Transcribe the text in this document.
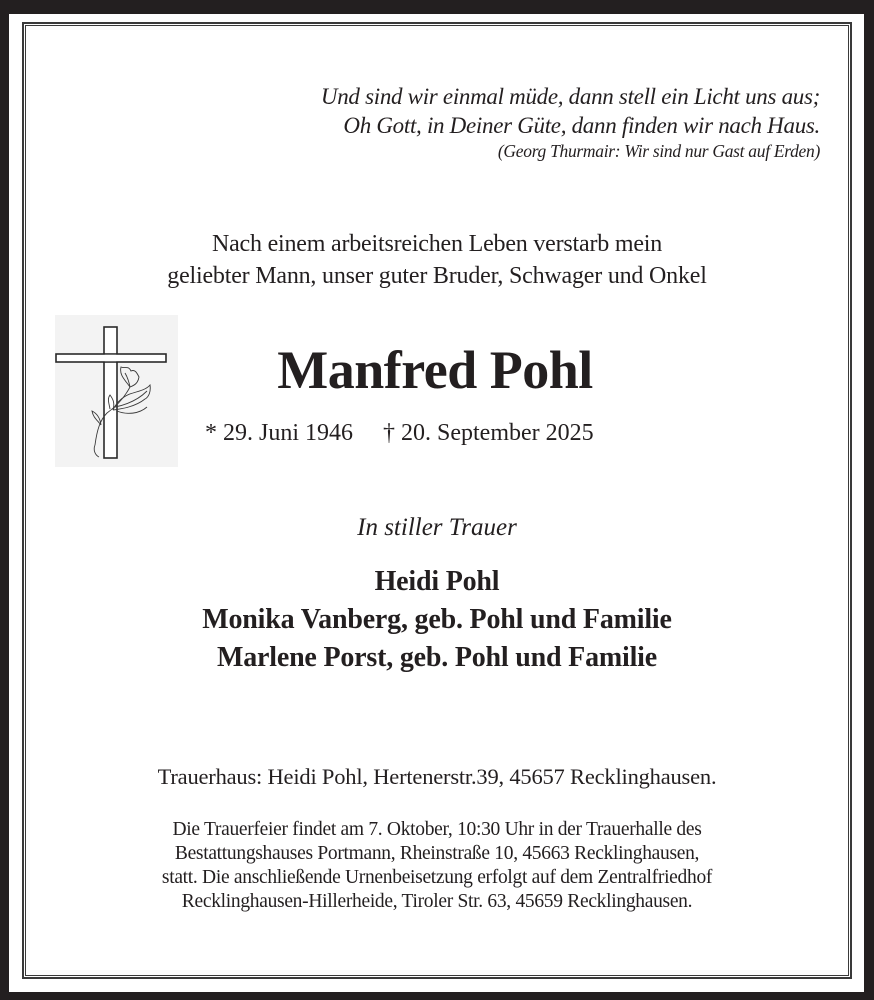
Und sind wir einmal müde, dann stell ein Licht uns aus;
Oh Gott, in Deiner Güte, dann finden wir nach Haus.
(Georg Thurmair: Wir sind nur Gast auf Erden)
Nach einem arbeitsreichen Leben verstarb mein
geliebter Mann, unser guter Bruder, Schwager und Onkel
Manfred Pohl
* 29. Juni 1946 † 20. September 2025
In stiller Trauer
Heidi Pohl
Monika Vanberg, geb. Pohl und Familie
Marlene Porst, geb. Pohl und Familie
Trauerhaus: Heidi Pohl, Hertenerstr.39, 45657 Recklinghausen.
Die Trauerfeier findet am 7. Oktober, 10:30 Uhr in der Trauerhalle des
Bestattungshauses Portmann, Rheinstraße 10, 45663 Recklinghausen,
statt. Die anschließende Urnenbeisetzung erfolgt auf dem Zentralfriedhof
Recklinghausen-Hillerheide, Tiroler Str. 63, 45659 Recklinghausen.
